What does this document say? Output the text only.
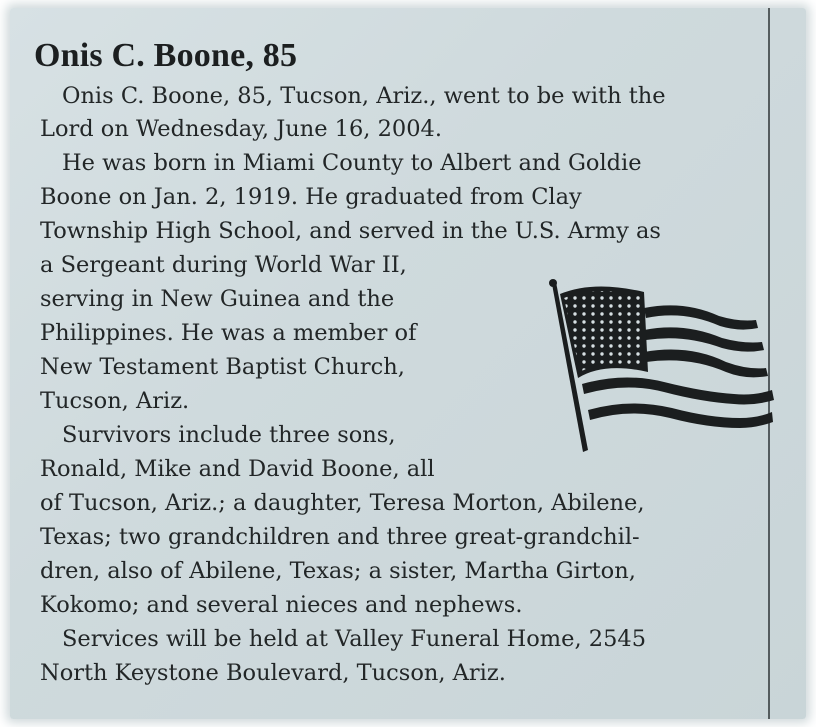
Onis C. Boone, 85

Onis C. Boone, 85, Tucson, Ariz., went to be with the

Lord on Wednesday, June 16, 2004.

He was born in Miami County to Albert and Goldie

Boone on Jan. 2, 1919. He graduated from Clay

Township High School, and served in the U.S. Army as

a Sergeant during World War II,

serving in New Guinea and the

Philippines. He was a member of

New Testament Baptist Church,

Tucson, Ariz.

Survivors include three sons,

Ronald, Mike and David Boone, all

of Tucson, Ariz.; a daughter, Teresa Morton, Abilene,

Texas; two grandchildren and three great-grandchil-

dren, also of Abilene, Texas; a sister, Martha Girton,

Kokomo; and several nieces and nephews.

Services will be held at Valley Funeral Home, 2545

North Keystone Boulevard, Tucson, Ariz.
